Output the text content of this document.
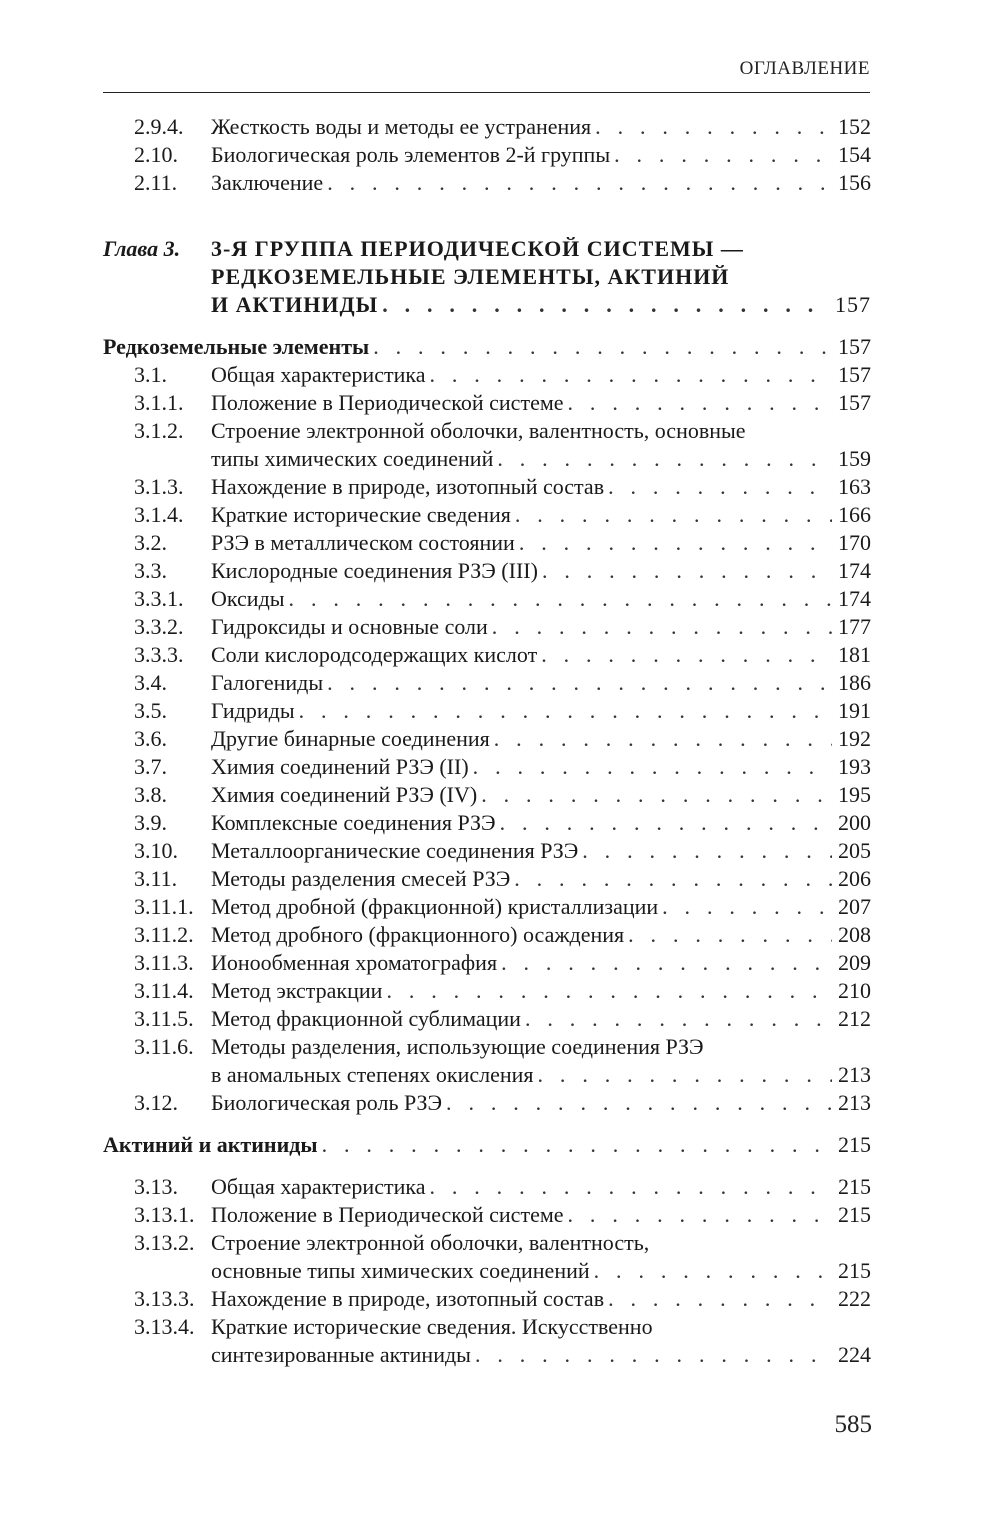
ОГЛАВЛЕНИЕ
2.9.4. Жесткость воды и методы ее устранения . . .	152
2.10. Биологическая роль элементов 2-й группы . . .	154
2.11. Заключение . . .	156
Глава 3. 3-Я ГРУППА ПЕРИОДИЧЕСКОЙ СИСТЕМЫ —
РЕДКОЗЕМЕЛЬНЫЕ ЭЛЕМЕНТЫ, АКТИНИЙ
И АКТИНИДЫ . . .	157
Редкоземельные элементы . . .	157
3.1. Общая характеристика . . .	157
3.1.1. Положение в Периодической системе . . .	157
3.1.2. Строение электронной оболочки, валентность, основные
типы химических соединений . . .	159
3.1.3. Нахождение в природе, изотопный состав . . .	163
3.1.4. Краткие исторические сведения . . .	166
3.2. РЗЭ в металлическом состоянии . . .	170
3.3. Кислородные соединения РЗЭ (III) . . .	174
3.3.1. Оксиды . . .	174
3.3.2. Гидроксиды и основные соли . . .	177
3.3.3. Соли кислородсодержащих кислот . . .	181
3.4. Галогениды . . .	186
3.5. Гидриды . . .	191
3.6. Другие бинарные соединения . . .	192
3.7. Химия соединений РЗЭ (II) . . .	193
3.8. Химия соединений РЗЭ (IV) . . .	195
3.9. Комплексные соединения РЗЭ . . .	200
3.10. Металлоорганические соединения РЗЭ . . .	205
3.11. Методы разделения смесей РЗЭ . . .	206
3.11.1. Метод дробной (фракционной) кристаллизации . . .	207
3.11.2. Метод дробного (фракционного) осаждения . . .	208
3.11.3. Ионообменная хроматография . . .	209
3.11.4. Метод экстракции . . .	210
3.11.5. Метод фракционной сублимации . . .	212
3.11.6. Методы разделения, использующие соединения РЗЭ
в аномальных степенях окисления . . .	213
3.12. Биологическая роль РЗЭ . . .	213
Актиний и актиниды . . .	215
3.13. Общая характеристика . . .	215
3.13.1. Положение в Периодической системе . . .	215
3.13.2. Строение электронной оболочки, валентность,
основные типы химических соединений . . .	215
3.13.3. Нахождение в природе, изотопный состав . . .	222
3.13.4. Краткие исторические сведения. Искусственно
синтезированные актиниды . . .	224
585
